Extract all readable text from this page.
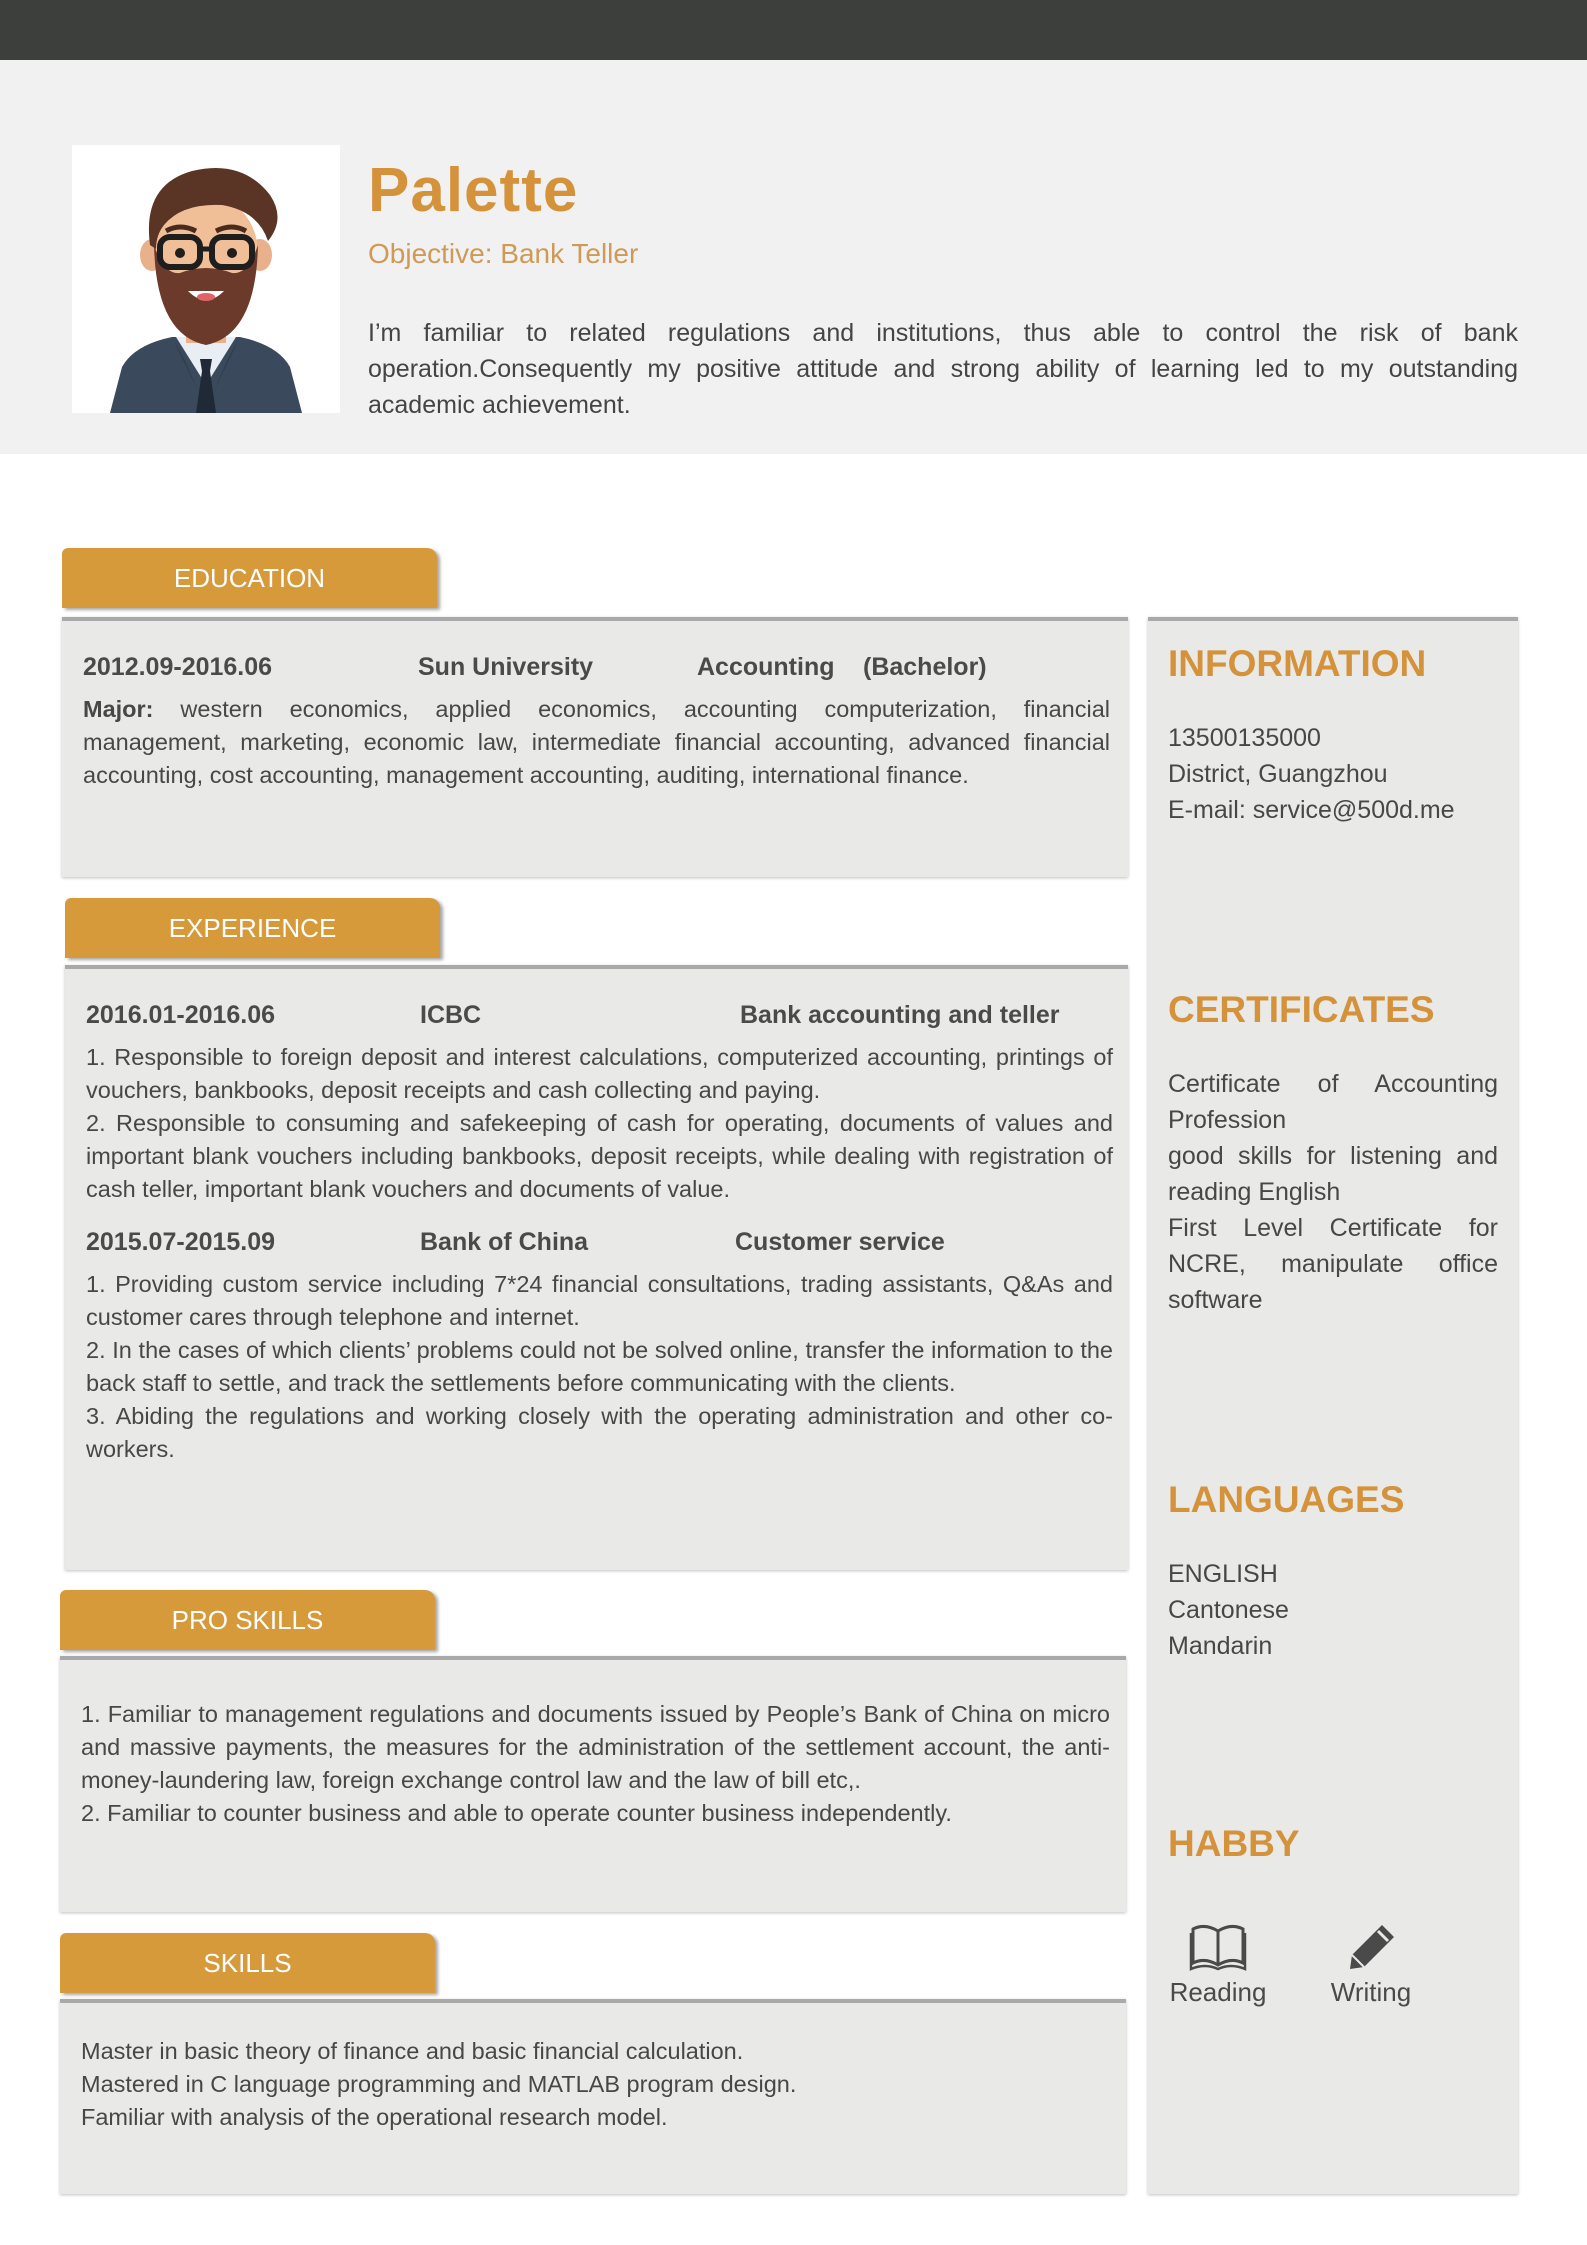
Palette
Objective: Bank Teller
I’m familiar to related regulations and institutions, thus able to control the risk of bank operation.Consequently my positive attitude and strong ability of learning led to my outstanding academic achievement.
EDUCATION
2012.09-2016.06	Sun University	Accounting (Bachelor)

Major: western economics, applied economics, accounting computerization, financial management, marketing, economic law, intermediate financial accounting, advanced financial accounting, cost accounting, management accounting, auditing, international finance.

EXPERIENCE
2016.01-2016.06	ICBC	Bank accounting and teller

1. Responsible to foreign deposit and interest calculations, computerized accounting, printings of vouchers, bankbooks, deposit receipts and cash collecting and paying.

2. Responsible to consuming and safekeeping of cash for operating, documents of values and important blank vouchers including bankbooks, deposit receipts, while dealing with registration of cash teller, important blank vouchers and documents of value.

2015.07-2015.09	Bank of China	Customer service

1. Providing custom service including 7*24 financial consultations, trading assistants, Q&As and customer cares through telephone and internet.

2. In the cases of which clients’ problems could not be solved online, transfer the information to the back staff to settle, and track the settlements before communicating with the clients.

3. Abiding the regulations and working closely with the operating administration and other co-workers.

PRO SKILLS

1. Familiar to management regulations and documents issued by People’s Bank of China on micro and massive payments, the measures for the administration of the settlement account, the anti-money-laundering law, foreign exchange control law and the law of bill etc,.

2. Familiar to counter business and able to operate counter business independently.

SKILLS

Master in basic theory of finance and basic financial calculation.

Mastered in C language programming and MATLAB program design.

Familiar with analysis of the operational research model.

INFORMATION
13500135000
District, Guangzhou
E-mail: service@500d.me
CERTIFICATES
Certificate of Accounting Profession
good skills for listening and reading English
First Level Certificate for NCRE, manipulate office software
LANGUAGES
ENGLISH
Cantonese
Mandarin
HABBY
Reading	Writing
